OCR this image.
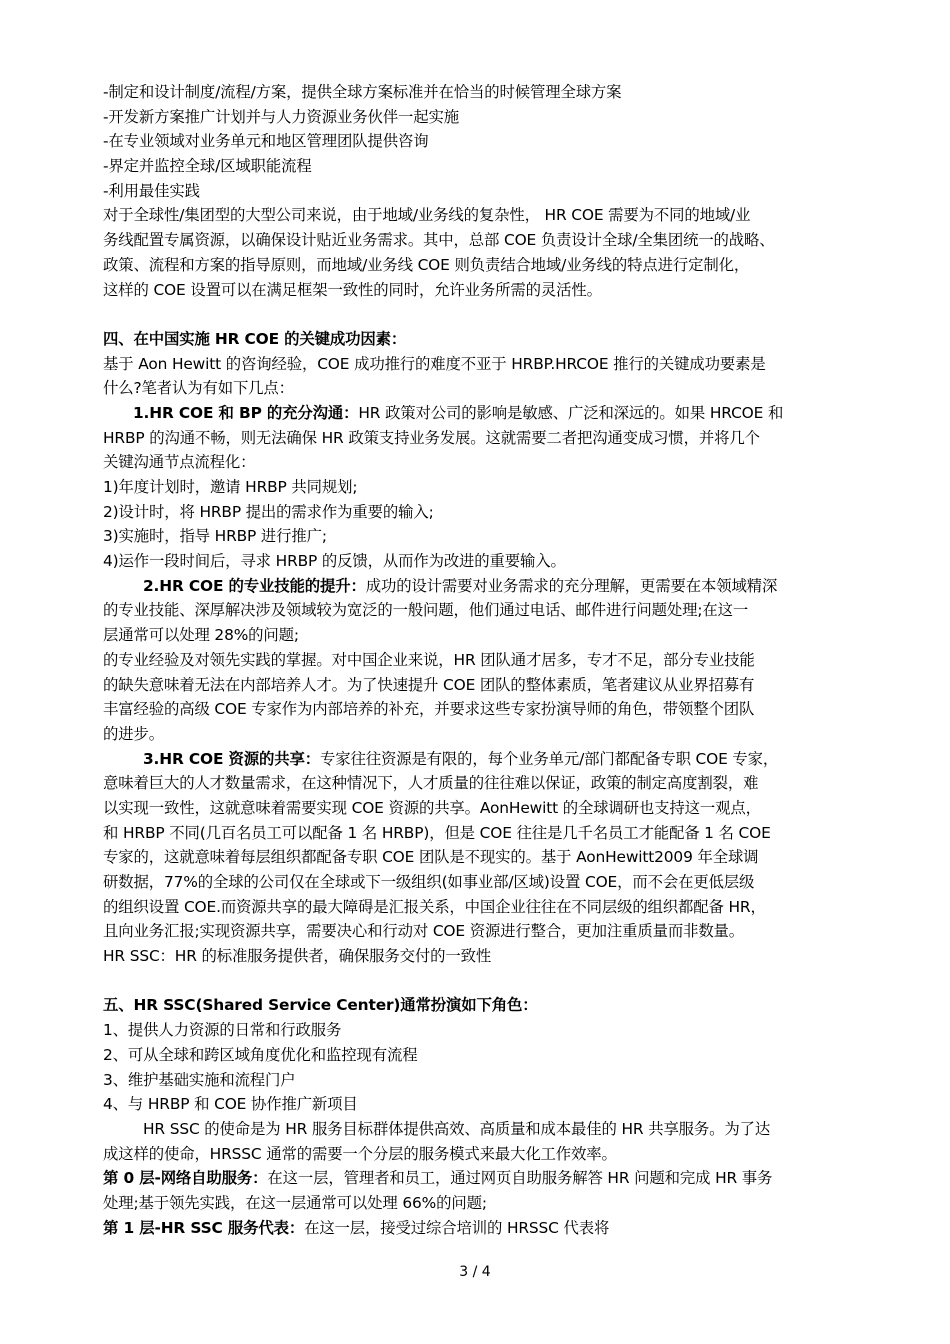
-制定和设计制度/流程/方案，提供全球方案标准并在恰当的时候管理全球方案
-开发新方案推广计划并与人力资源业务伙伴一起实施
-在专业领域对业务单元和地区管理团队提供咨询
-界定并监控全球/区域职能流程
-利用最佳实践
对于全球性/集团型的大型公司来说，由于地域/业务线的复杂性， HR COE 需要为不同的地域/业
务线配置专属资源，以确保设计贴近业务需求。其中，总部 COE 负责设计全球/全集团统一的战略、
政策、流程和方案的指导原则，而地域/业务线 COE 则负责结合地域/业务线的特点进行定制化，
这样的 COE 设置可以在满足框架一致性的同时，允许业务所需的灵活性。
四、在中国实施 HR COE 的关键成功因素：
基于 Aon Hewitt 的咨询经验，COE 成功推行的难度不亚于 HRBP.HRCOE 推行的关键成功要素是
什么?笔者认为有如下几点：
1.HR COE 和 BP 的充分沟通：HR 政策对公司的影响是敏感、广泛和深远的。如果 HRCOE 和
HRBP 的沟通不畅，则无法确保 HR 政策支持业务发展。这就需要二者把沟通变成习惯，并将几个
关键沟通节点流程化：
1)年度计划时，邀请 HRBP 共同规划;
2)设计时，将 HRBP 提出的需求作为重要的输入;
3)实施时，指导 HRBP 进行推广;
4)运作一段时间后，寻求 HRBP 的反馈，从而作为改进的重要输入。
2.HR COE 的专业技能的提升：成功的设计需要对业务需求的充分理解，更需要在本领域精深
的专业技能、深厚解决涉及领域较为宽泛的一般问题，他们通过电话、邮件进行问题处理;在这一
层通常可以处理 28%的问题;
的专业经验及对领先实践的掌握。对中国企业来说，HR 团队通才居多，专才不足，部分专业技能
的缺失意味着无法在内部培养人才。为了快速提升 COE 团队的整体素质，笔者建议从业界招募有
丰富经验的高级 COE 专家作为内部培养的补充，并要求这些专家扮演导师的角色，带领整个团队
的进步。
3.HR COE 资源的共享：专家往往资源是有限的，每个业务单元/部门都配备专职 COE 专家，
意味着巨大的人才数量需求，在这种情况下，人才质量的往往难以保证，政策的制定高度割裂，难
以实现一致性，这就意味着需要实现 COE 资源的共享。AonHewitt 的全球调研也支持这一观点，
和 HRBP 不同(几百名员工可以配备 1 名 HRBP)，但是 COE 往往是几千名员工才能配备 1 名 COE
专家的，这就意味着每层组织都配备专职 COE 团队是不现实的。基于 AonHewitt2009 年全球调
研数据，77%的全球的公司仅在全球或下一级组织(如事业部/区域)设置 COE，而不会在更低层级
的组织设置 COE.而资源共享的最大障碍是汇报关系，中国企业往往在不同层级的组织都配备 HR，
且向业务汇报;实现资源共享，需要决心和行动对 COE 资源进行整合，更加注重质量而非数量。
HR SSC：HR 的标准服务提供者，确保服务交付的一致性
五、HR SSC(Shared Service Center)通常扮演如下角色：
1、提供人力资源的日常和行政服务
2、可从全球和跨区域角度优化和监控现有流程
3、维护基础实施和流程门户
4、与 HRBP 和 COE 协作推广新项目
HR SSC 的使命是为 HR 服务目标群体提供高效、高质量和成本最佳的 HR 共享服务。为了达
成这样的使命，HRSSC 通常的需要一个分层的服务模式来最大化工作效率。
第 0 层-网络自助服务：在这一层，管理者和员工，通过网页自助服务解答 HR 问题和完成 HR 事务
处理;基于领先实践，在这一层通常可以处理 66%的问题;
第 1 层-HR SSC 服务代表：在这一层，接受过综合培训的 HRSSC 代表将
3 / 4
